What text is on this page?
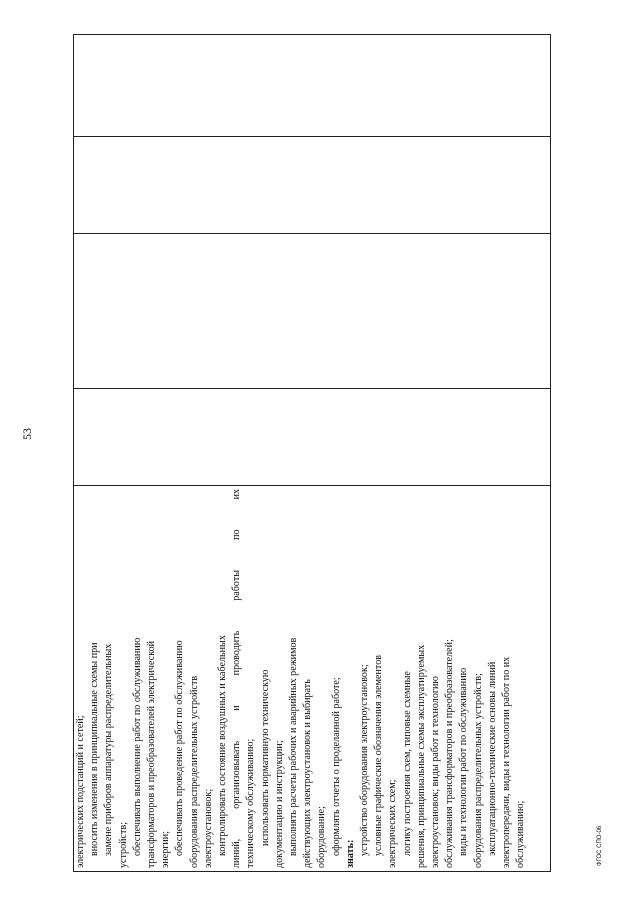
53
электрических подстанций и сетей; вносить изменения в принципиальные схемы при замене приборов аппаратуры распределительных устройств; обеспечивать выполнение работ по обслуживанию трансформаторов и преобразователей электрической энергии; обеспечивать проведение работ по обслуживанию оборудования распределительных устройств электроустановок; контролировать состояние воздушных и кабельных линий, организовывать и проводить работы по их техническому обслуживанию; использовать нормативную техническую документацию и инструкции; выполнять расчеты рабочих и аварийных режимов действующих электроустановок и выбирать оборудование; оформлять отчеты о проделанной работе; знать: устройство оборудования электроустановок; условные графические обозначения элементов электрических схем; логику построения схем, типовые схемные решения, принципиальные схемы эксплуатируемых электроустановок; виды работ и технологию обслуживания трансформаторов и преобразователей; виды и технологии работ по обслуживанию оборудования распределительных устройств; эксплуатационно-технические основы линий электропередачи, виды и технологии работ по их обслуживанию;	ФГОС СПО-06
